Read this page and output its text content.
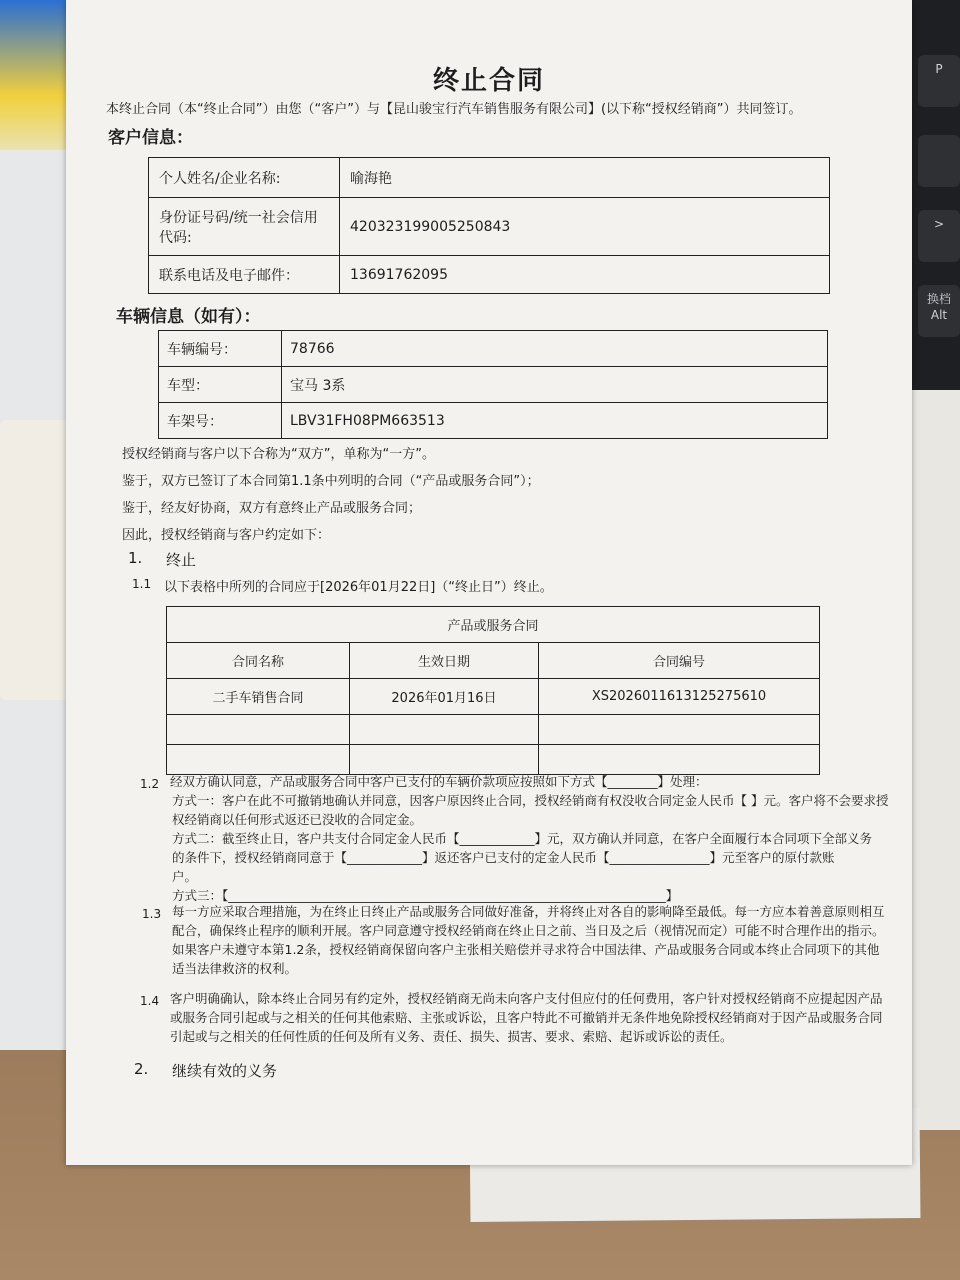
P
>
换档 Alt
终止合同
本终止合同（本“终止合同”）由您（“客户”）与【昆山骏宝行汽车销售服务有限公司】(以下称“授权经销商”）共同签订。
客户信息：
个人姓名/企业名称:	喻海艳
身份证号码/统一社会信用代码:	420323199005250843
联系电话及电子邮件：	13691762095
车辆信息（如有）：
车辆编号：	78766
车型：	宝马 3系
车架号：	LBV31FH08PM663513
授权经销商与客户以下合称为“双方”，单称为“一方”。
鉴于，双方已签订了本合同第1.1条中列明的合同（“产品或服务合同”）；
鉴于，经友好协商，双方有意终止产品或服务合同；
因此，授权经销商与客户约定如下：
1. 终止
1.1 以下表格中所列的合同应于[2026年01月22日]（“终止日”）终止。
产品或服务合同		
合同名称	生效日期	合同编号
二手车销售合同	2026年01月16日	XS2026011613125275610

1.2 经双方确认同意，产品或服务合同中客户已支付的车辆价款项应按照如下方式【________】处理：
方式一：客户在此不可撤销地确认并同意，因客户原因终止合同，授权经销商有权没收合同定金人民币【 】元。客户将不会要求授
权经销商以任何形式返还已没收的合同定金。
方式二：截至终止日，客户共支付合同定金人民币【____________】元，双方确认并同意，在客户全面履行本合同项下全部义务
的条件下，授权经销商同意于【____________】返还客户已支付的定金人民币【________________】元至客户的原付款账
户。
方式三：【______________________________________________________________________】
1.3 每一方应采取合理措施，为在终止日终止产品或服务合同做好准备，并将终止对各自的影响降至最低。每一方应本着善意原则相互
配合，确保终止程序的顺利开展。客户同意遵守授权经销商在终止日之前、当日及之后（视情况而定）可能不时合理作出的指示。
如果客户未遵守本第1.2条，授权经销商保留向客户主张相关赔偿并寻求符合中国法律、产品或服务合同或本终止合同项下的其他
适当法律救济的权利。
1.4 客户明确确认，除本终止合同另有约定外，授权经销商无尚未向客户支付但应付的任何费用，客户针对授权经销商不应提起因产品
或服务合同引起或与之相关的任何其他索赔、主张或诉讼，且客户特此不可撤销并无条件地免除授权经销商对于因产品或服务合同
引起或与之相关的任何性质的任何及所有义务、责任、损失、损害、要求、索赔、起诉或诉讼的责任。
2. 继续有效的义务
